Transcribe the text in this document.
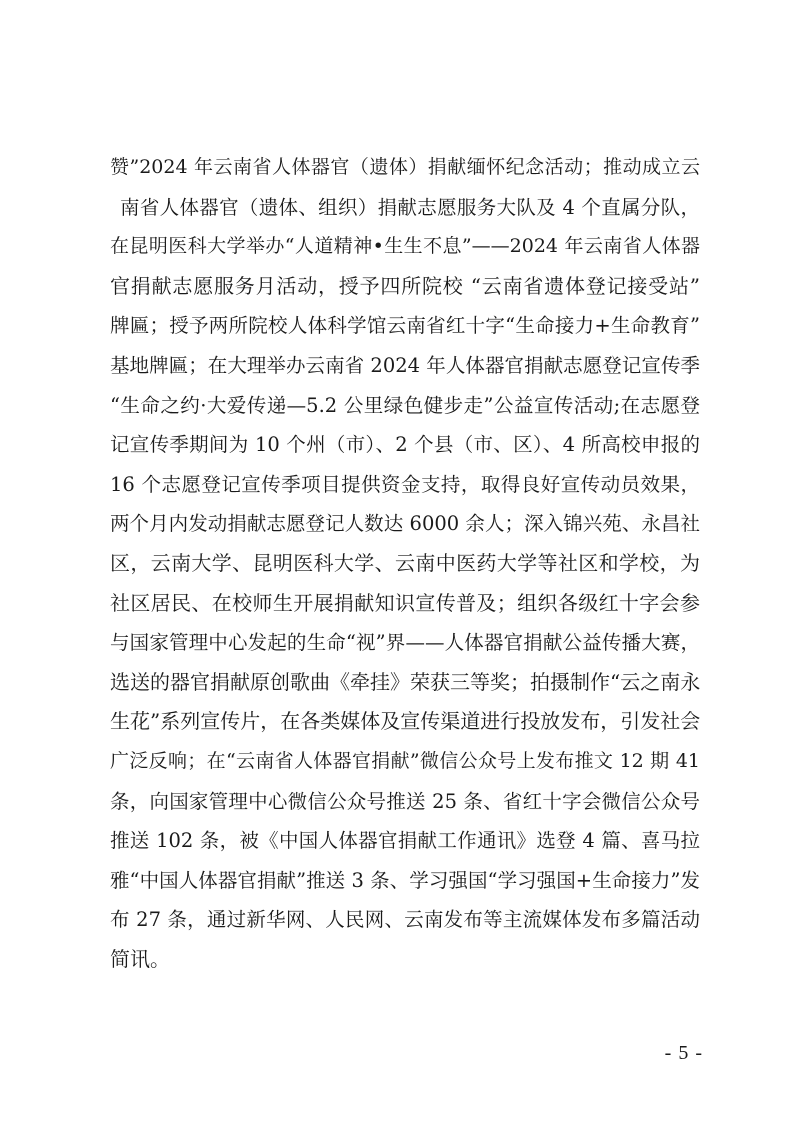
赞”2024 年云南省人体器官（遗体）捐献缅怀纪念活动；推动成立云
南省人体器官（遗体、组织）捐献志愿服务大队及 4 个直属分队，
在昆明医科大学举办“人道精神•生生不息”——2024 年云南省人体器
官捐献志愿服务月活动，授予四所院校 “云南省遗体登记接受站”
牌匾；授予两所院校人体科学馆云南省红十字“生命接力+生命教育”
基地牌匾；在大理举办云南省 2024 年人体器官捐献志愿登记宣传季
“生命之约·大爱传递—5.2 公里绿色健步走”公益宣传活动;在志愿登
记宣传季期间为 10 个州（市）、2 个县（市、区）、4 所高校申报的
16 个志愿登记宣传季项目提供资金支持，取得良好宣传动员效果，
两个月内发动捐献志愿登记人数达 6000 余人；深入锦兴苑、永昌社
区，云南大学、昆明医科大学、云南中医药大学等社区和学校，为
社区居民、在校师生开展捐献知识宣传普及；组织各级红十字会参
与国家管理中心发起的生命“视”界——人体器官捐献公益传播大赛，
选送的器官捐献原创歌曲《牵挂》荣获三等奖；拍摄制作“云之南永
生花”系列宣传片，在各类媒体及宣传渠道进行投放发布，引发社会
广泛反响；在“云南省人体器官捐献”微信公众号上发布推文 12 期 41
条，向国家管理中心微信公众号推送 25 条、省红十字会微信公众号
推送 102 条，被《中国人体器官捐献工作通讯》选登 4 篇、喜马拉
雅“中国人体器官捐献”推送 3 条、学习强国“学习强国+生命接力”发
布 27 条，通过新华网、人民网、云南发布等主流媒体发布多篇活动
简讯。
- 5 -
